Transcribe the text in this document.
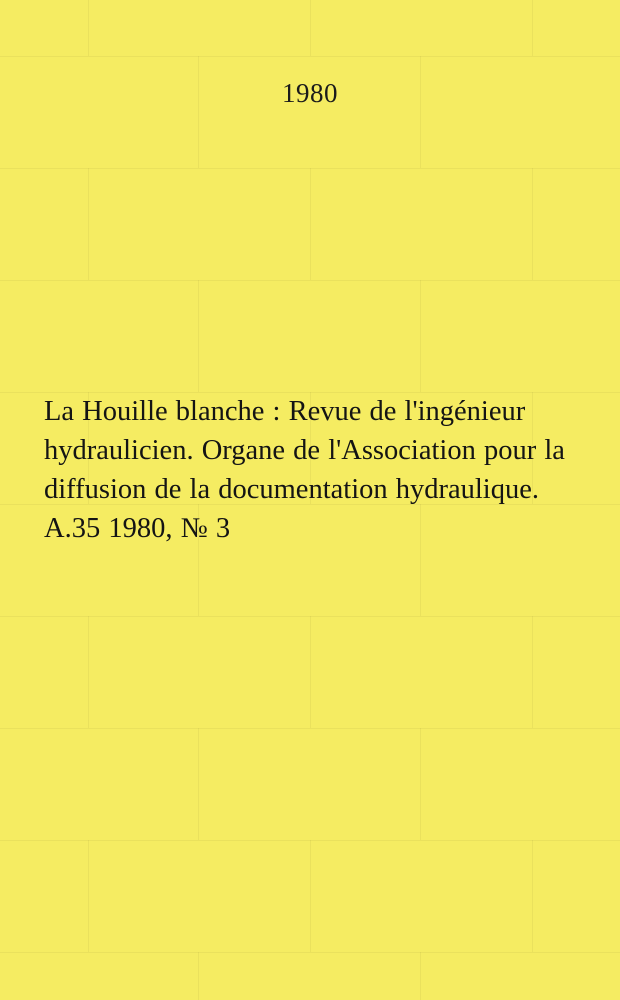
1980
La Houille blanche : Revue de l'ingénieur hydraulicien. Organe de l'Association pour la diffusion de la documentation hydraulique. A.35 1980, № 3
